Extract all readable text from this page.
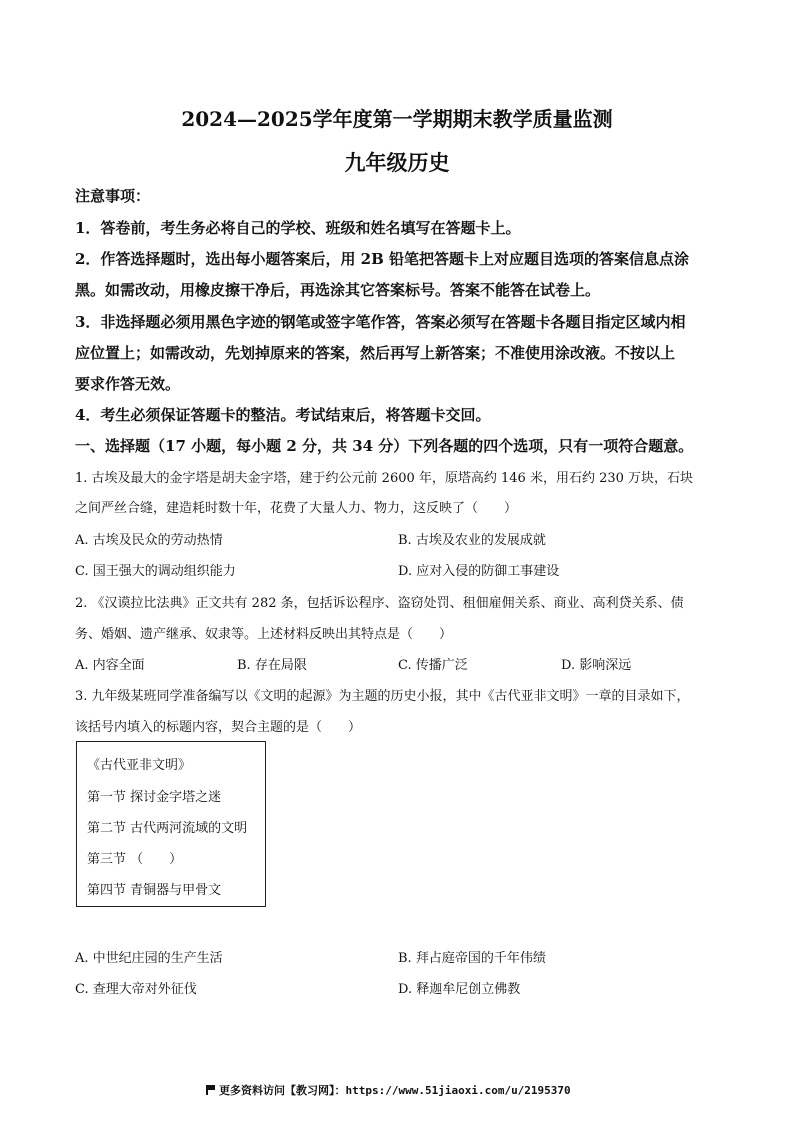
2024—2025学年度第一学期期末教学质量监测
九年级历史
注意事项：
1．答卷前，考生务必将自己的学校、班级和姓名填写在答题卡上。
2．作答选择题时，选出每小题答案后，用 2B 铅笔把答题卡上对应题目选项的答案信息点涂
黑。如需改动，用橡皮擦干净后，再选涂其它答案标号。答案不能答在试卷上。
3．非选择题必须用黑色字迹的钢笔或签字笔作答，答案必须写在答题卡各题目指定区域内相
应位置上；如需改动，先划掉原来的答案，然后再写上新答案；不准使用涂改液。不按以上
要求作答无效。
4．考生必须保证答题卡的整洁。考试结束后，将答题卡交回。
一、选择题（17 小题，每小题 2 分，共 34 分）下列各题的四个选项，只有一项符合题意。
1. 古埃及最大的金字塔是胡夫金字塔，建于约公元前 2600 年，原塔高约 146 米，用石约 230 万块，石块
之间严丝合缝，建造耗时数十年，花费了大量人力、物力，这反映了（　　）
A. 古埃及民众的劳动热情	B. 古埃及农业的发展成就
C. 国王强大的调动组织能力	D. 应对入侵的防御工事建设
2. 《汉谟拉比法典》正文共有 282 条，包括诉讼程序、盗窃处罚、租佃雇佣关系、商业、高利贷关系、债
务、婚姻、遗产继承、奴隶等。上述材料反映出其特点是（　　）
A. 内容全面	B. 存在局限	C. 传播广泛	D. 影响深远
3. 九年级某班同学准备编写以《文明的起源》为主题的历史小报，其中《古代亚非文明》一章的目录如下，
该括号内填入的标题内容，契合主题的是（　　）
《古代亚非文明》
第一节 探讨金字塔之迷
第二节 古代两河流域的文明
第三节 （　　）
第四节 青铜器与甲骨文
A. 中世纪庄园的生产生活	B. 拜占庭帝国的千年伟绩
C. 查理大帝对外征伐	D. 释迦牟尼创立佛教
更多资料访问【教习网】：https://www.51jiaoxi.com/u/2195370
